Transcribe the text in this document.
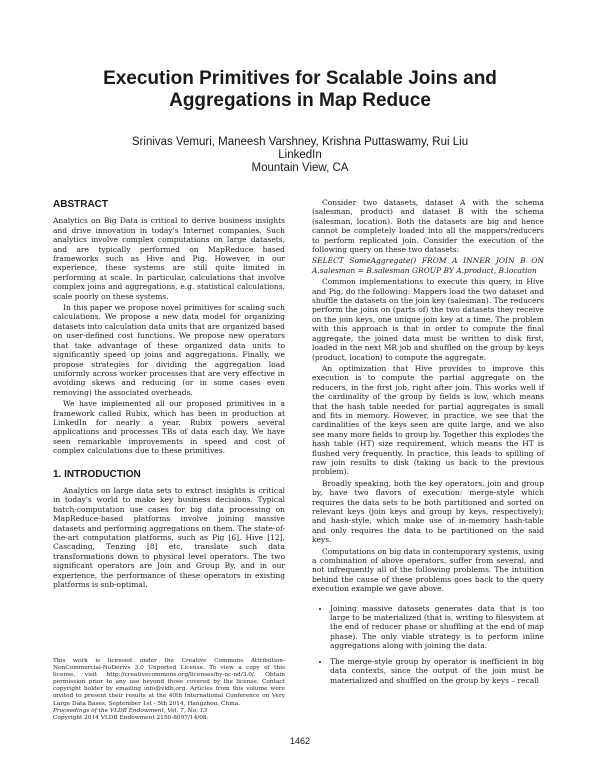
Execution Primitives for Scalable Joins and Aggregations in Map Reduce
Srinivas Vemuri, Maneesh Varshney, Krishna Puttaswamy, Rui Liu
LinkedIn
Mountain View, CA
ABSTRACT

Analytics on Big Data is critical to derive business insights and drive innovation in today's Internet companies. Such analytics involve complex computations on large datasets, and are typically performed on MapReduce based frameworks such as Hive and Pig. However, in our experience, these systems are still quite limited in performing at scale. In particular, calculations that involve complex joins and aggregations, e.g. statistical calculations, scale poorly on these systems.

In this paper we propose novel primitives for scaling such calculations. We propose a new data model for organizing datasets into calculation data units that are organized based on user-defined cost functions. We propose new operators that take advantage of these organized data units to significantly speed up joins and aggregations. Finally, we propose strategies for dividing the aggregation load uniformly across worker processes that are very effective in avoiding skews and reducing (or in some cases even removing) the associated overheads.

We have implemented all our proposed primitives in a framework called Rubix, which has been in production at LinkedIn for nearly a year. Rubix powers several applications and processes TBs of data each day. We have seen remarkable improvements in speed and cost of complex calculations due to these primitives.

1. INTRODUCTION

Analytics on large data sets to extract insights is critical in today's world to make key business decisions. Typical batch-computation use cases for big data processing on MapReduce-based platforms involve joining massive datasets and performing aggregations on them. The state-of-the-art computation platforms, such as Pig [6], Hive [12], Cascading, Tenzing [8] etc, translate such data transformations down to physical level operators. The two significant operators are Join and Group By, and in our experience, the performance of these operators in existing platforms is sub-optimal.

This work is licensed under the Creative Commons Attribution-NonCommercial-NoDerivs 3.0 Unported License. To view a copy of this license, visit http://creativecommons.org/licenses/by-nc-nd/3.0/. Obtain permission prior to any use beyond those covered by the license. Contact copyright holder by emailing info@vldb.org. Articles from this volume were invited to present their results at the 40th International Conference on Very Large Data Bases, September 1st - 5th 2014, Hangzhou, China.

Proceedings of the VLDB Endowment, Vol. 7, No. 13

Copyright 2014 VLDB Endowment 2150-8097/14/08.

Consider two datasets, dataset A with the schema (salesman, product) and dataset B with the schema (salesman, location). Both the datasets are big and hence cannot be completely loaded into all the mappers/reducers to perform replicated join. Consider the execution of the following query on these two datasets:

SELECT SomeAggregate() FROM A INNER JOIN B ON A.salesman = B.salesman GROUP BY A.product, B.location

Common implementations to execute this query, in Hive and Pig, do the following: Mappers load the two dataset and shuffle the datasets on the join key (salesman). The reducers perform the joins on (parts of) the two datasets they receive on the join keys, one unique join key at a time. The problem with this approach is that in order to compute the final aggregate, the joined data must be written to disk first, loaded in the next MR job and shuffled on the group by keys (product, location) to compute the aggregate.

An optimization that Hive provides to improve this execution is to compute the partial aggregate on the reducers, in the first job, right after join. This works well if the cardinality of the group by fields is low, which means that the hash table needed for partial aggregates is small and fits in memory. However, in practice, we see that the cardinalities of the keys seen are quite large, and we also see many more fields to group by. Together this explodes the hash table (HT) size requirement, which means the HT is flushed very frequently. In practice, this leads to spilling of raw join results to disk (taking us back to the previous problem).

Broadly speaking, both the key operators, join and group by, have two flavors of execution: merge-style which requires the data sets to be both partitioned and sorted on relevant keys (join keys and group by keys, respectively); and hash-style, which make use of in-memory hash-table and only requires the data to be partitioned on the said keys.

Computations on big data in contemporary systems, using a combination of above operators, suffer from several, and not infrequently all of the following problems. The intuition behind the cause of these problems goes back to the query execution example we gave above.

• Joining massive datasets generates data that is too large to be materialized (that is, writing to filesystem at the end of reducer phase or shuffling at the end of map phase). The only viable strategy is to perform inline aggregations along with joining the data.
• The merge-style group by operator is inefficient in big data contexts, since the output of the join must be materialized and shuffled on the group by keys – recall
1462
